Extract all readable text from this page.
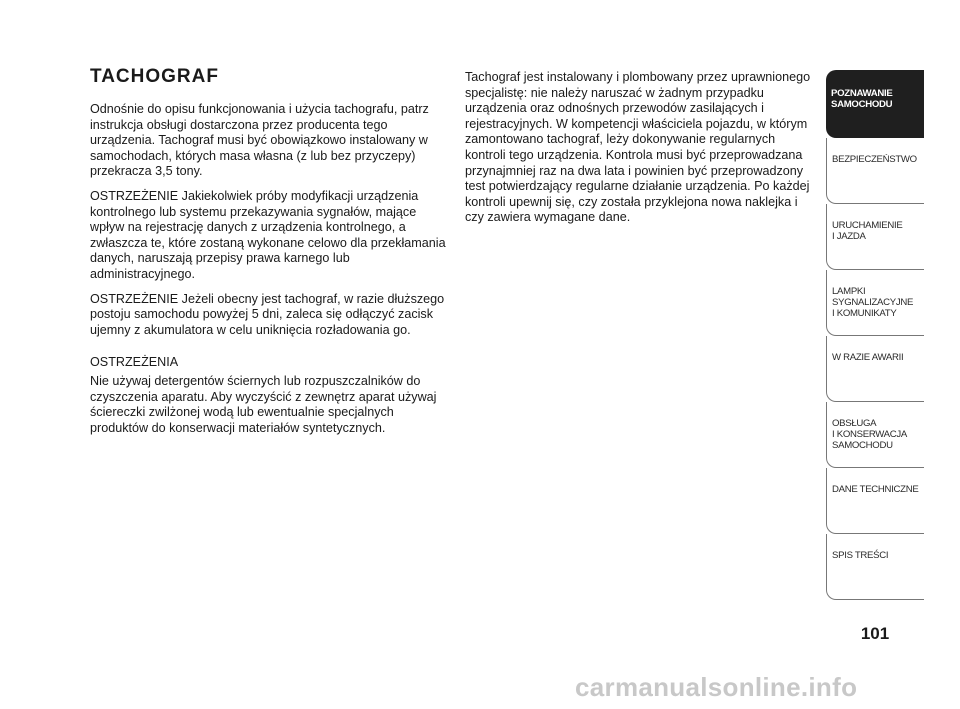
TACHOGRAF

Odnośnie do opisu funkcjonowania i użycia tachografu, patrz instrukcja obsługi dostarczona przez producenta tego urządzenia. Tachograf musi być obowiązkowo instalowany w samochodach, których masa własna (z lub bez przyczepy) przekracza 3,5 tony.

OSTRZEŻENIE Jakiekolwiek próby modyfikacji urządzenia kontrolnego lub systemu przekazywania sygnałów, mające wpływ na rejestrację danych z urządzenia kontrolnego, a zwłaszcza te, które zostaną wykonane celowo dla przekłamania danych, naruszają przepisy prawa karnego lub administracyjnego.

OSTRZEŻENIE Jeżeli obecny jest tachograf, w razie dłuższego postoju samochodu powyżej 5 dni, zaleca się odłączyć zacisk ujemny z akumulatora w celu uniknięcia rozładowania go.

OSTRZEŻENIA

Nie używaj detergentów ściernych lub rozpuszczalników do czyszczenia aparatu. Aby wyczyścić z zewnętrz aparat używaj ściereczki zwilżonej wodą lub ewentualnie specjalnych produktów do konserwacji materiałów syntetycznych.

Tachograf jest instalowany i plombowany przez uprawnionego specjalistę: nie należy naruszać w żadnym przypadku urządzenia oraz odnośnych przewodów zasilających i rejestracyjnych. W kompetencji właściciela pojazdu, w którym zamontowano tachograf, leży dokonywanie regularnych kontroli tego urządzenia. Kontrola musi być przeprowadzana przynajmniej raz na dwa lata i powinien być przeprowadzony test potwierdzający regularne działanie urządzenia. Po każdej kontroli upewnij się, czy została przyklejona nowa naklejka i czy zawiera wymagane dane.

POZNAWANIE
SAMOCHODU
BEZPIECZEŃSTWO
URUCHAMIENIE
I JAZDA
LAMPKI
SYGNALIZACYJNE
I KOMUNIKATY
W RAZIE AWARII
OBSŁUGA
I KONSERWACJA
SAMOCHODU
DANE TECHNICZNE
SPIS TREŚCI
101
carmanualsonline.info
